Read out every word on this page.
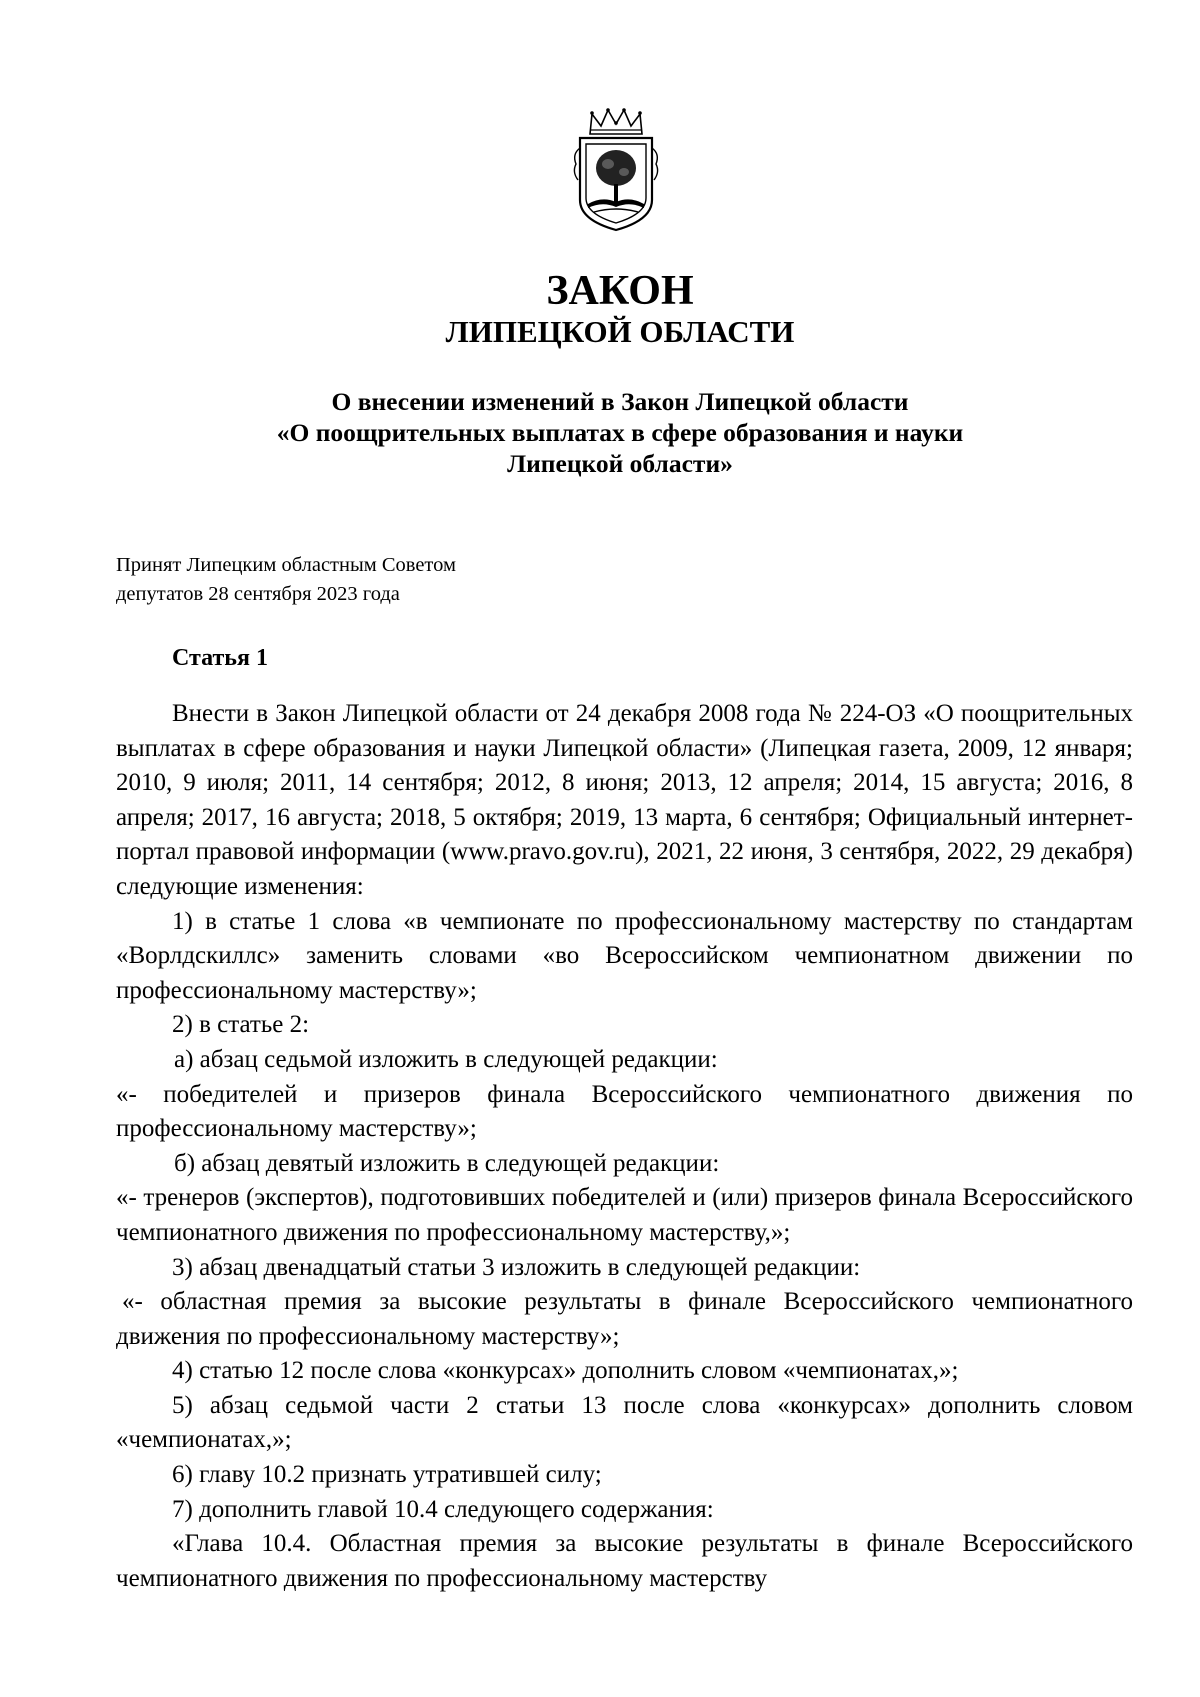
ЗАКОН
ЛИПЕЦКОЙ ОБЛАСТИ
О внесении изменений в Закон Липецкой области
«О поощрительных выплатах в сфере образования и науки
Липецкой области»
Принят Липецким областным Советом
депутатов 28 сентября 2023 года
Статья 1

Внести в Закон Липецкой области от 24 декабря 2008 года № 224-ОЗ «О поощрительных выплатах в сфере образования и науки Липецкой области» (Липецкая газета, 2009, 12 января; 2010, 9 июля; 2011, 14 сентября; 2012, 8 июня; 2013, 12 апреля; 2014, 15 августа; 2016, 8 апреля; 2017, 16 августа; 2018, 5 октября; 2019, 13 марта, 6 сентября; Официальный интернет-портал правовой информации (www.pravo.gov.ru), 2021, 22 июня, 3 сентября, 2022, 29 декабря) следующие изменения:

1) в статье 1 слова «в чемпионате по профессиональному мастерству по стандартам «Ворлдскиллс» заменить словами «во Всероссийском чемпионатном движении по профессиональному мастерству»;

2) в статье 2:

а) абзац седьмой изложить в следующей редакции:

«- победителей и призеров финала Всероссийского чемпионатного движения по профессиональному мастерству»;

б) абзац девятый изложить в следующей редакции:

«- тренеров (экспертов), подготовивших победителей и (или) призеров финала Всероссийского чемпионатного движения по профессиональному мастерству,»;

3) абзац двенадцатый статьи 3 изложить в следующей редакции:

«- областная премия за высокие результаты в финале Всероссийского чемпионатного движения по профессиональному мастерству»;

4) статью 12 после слова «конкурсах» дополнить словом «чемпионатах,»;

5) абзац седьмой части 2 статьи 13 после слова «конкурсах» дополнить словом «чемпионатах,»;

6) главу 10.2 признать утратившей силу;

7) дополнить главой 10.4 следующего содержания:

«Глава 10.4. Областная премия за высокие результаты в финале Всероссийского чемпионатного движения по профессиональному мастерству
